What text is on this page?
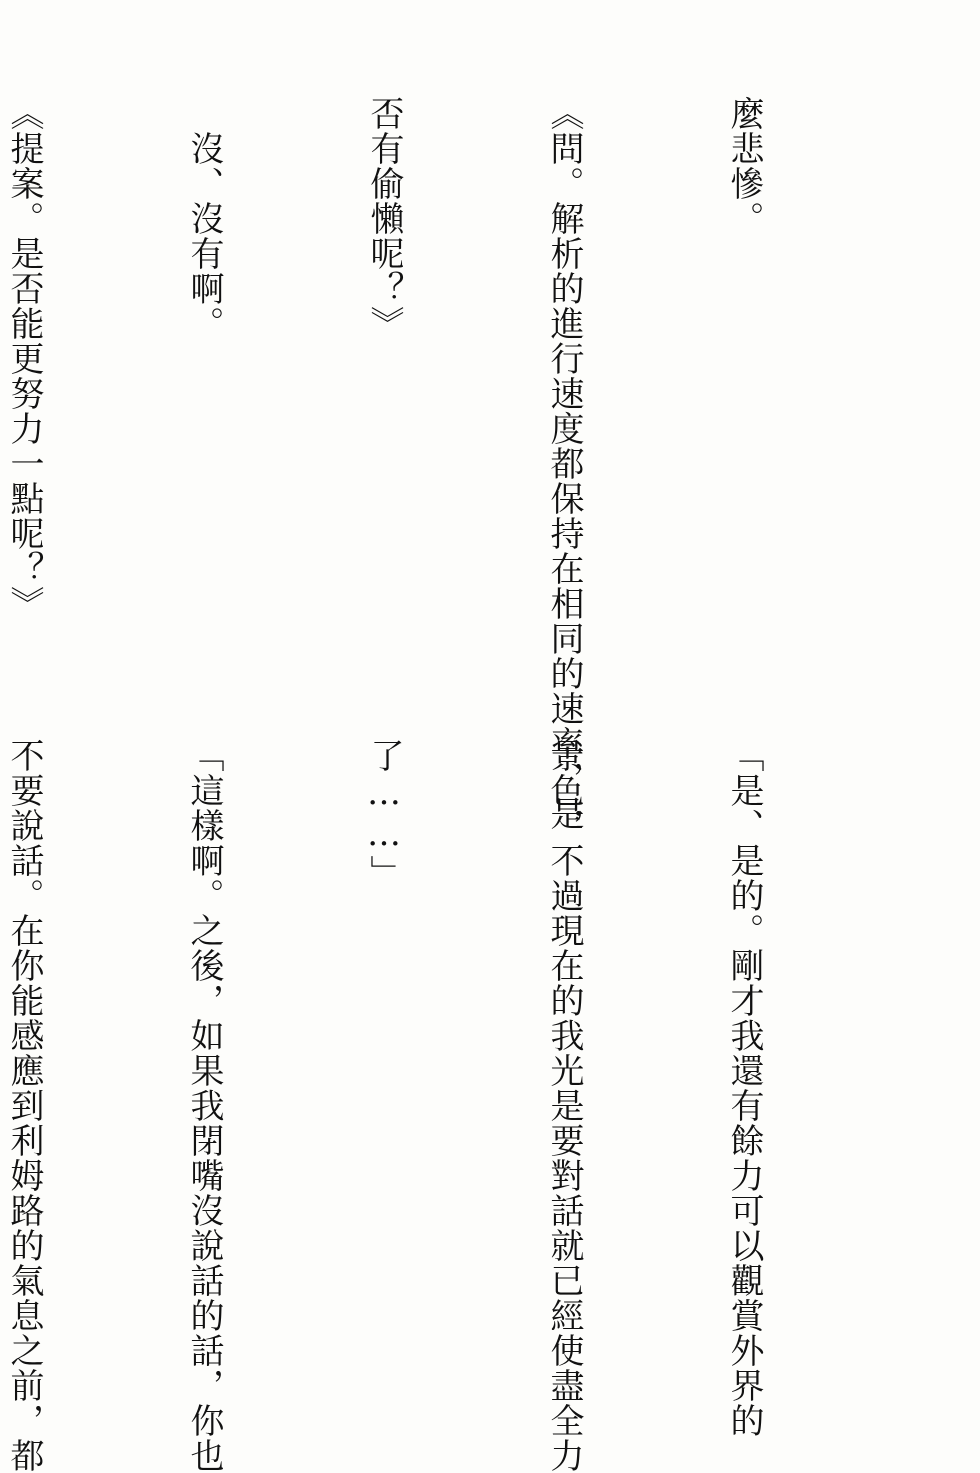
麼悲慘。

《問。解析的進行速度都保持在相同的速率，是

否有偷懶呢？》

　沒、沒有啊。

《提案。是否能更努力一點呢？》

「是、是的。剛才我還有餘力可以觀賞外界的

景色，不過現在的我光是要對話就已經使盡全力

了……」

「這樣啊。之後，如果我閉嘴沒說話的話，你也

不要說話。在你能感應到利姆路的氣息之前，都
